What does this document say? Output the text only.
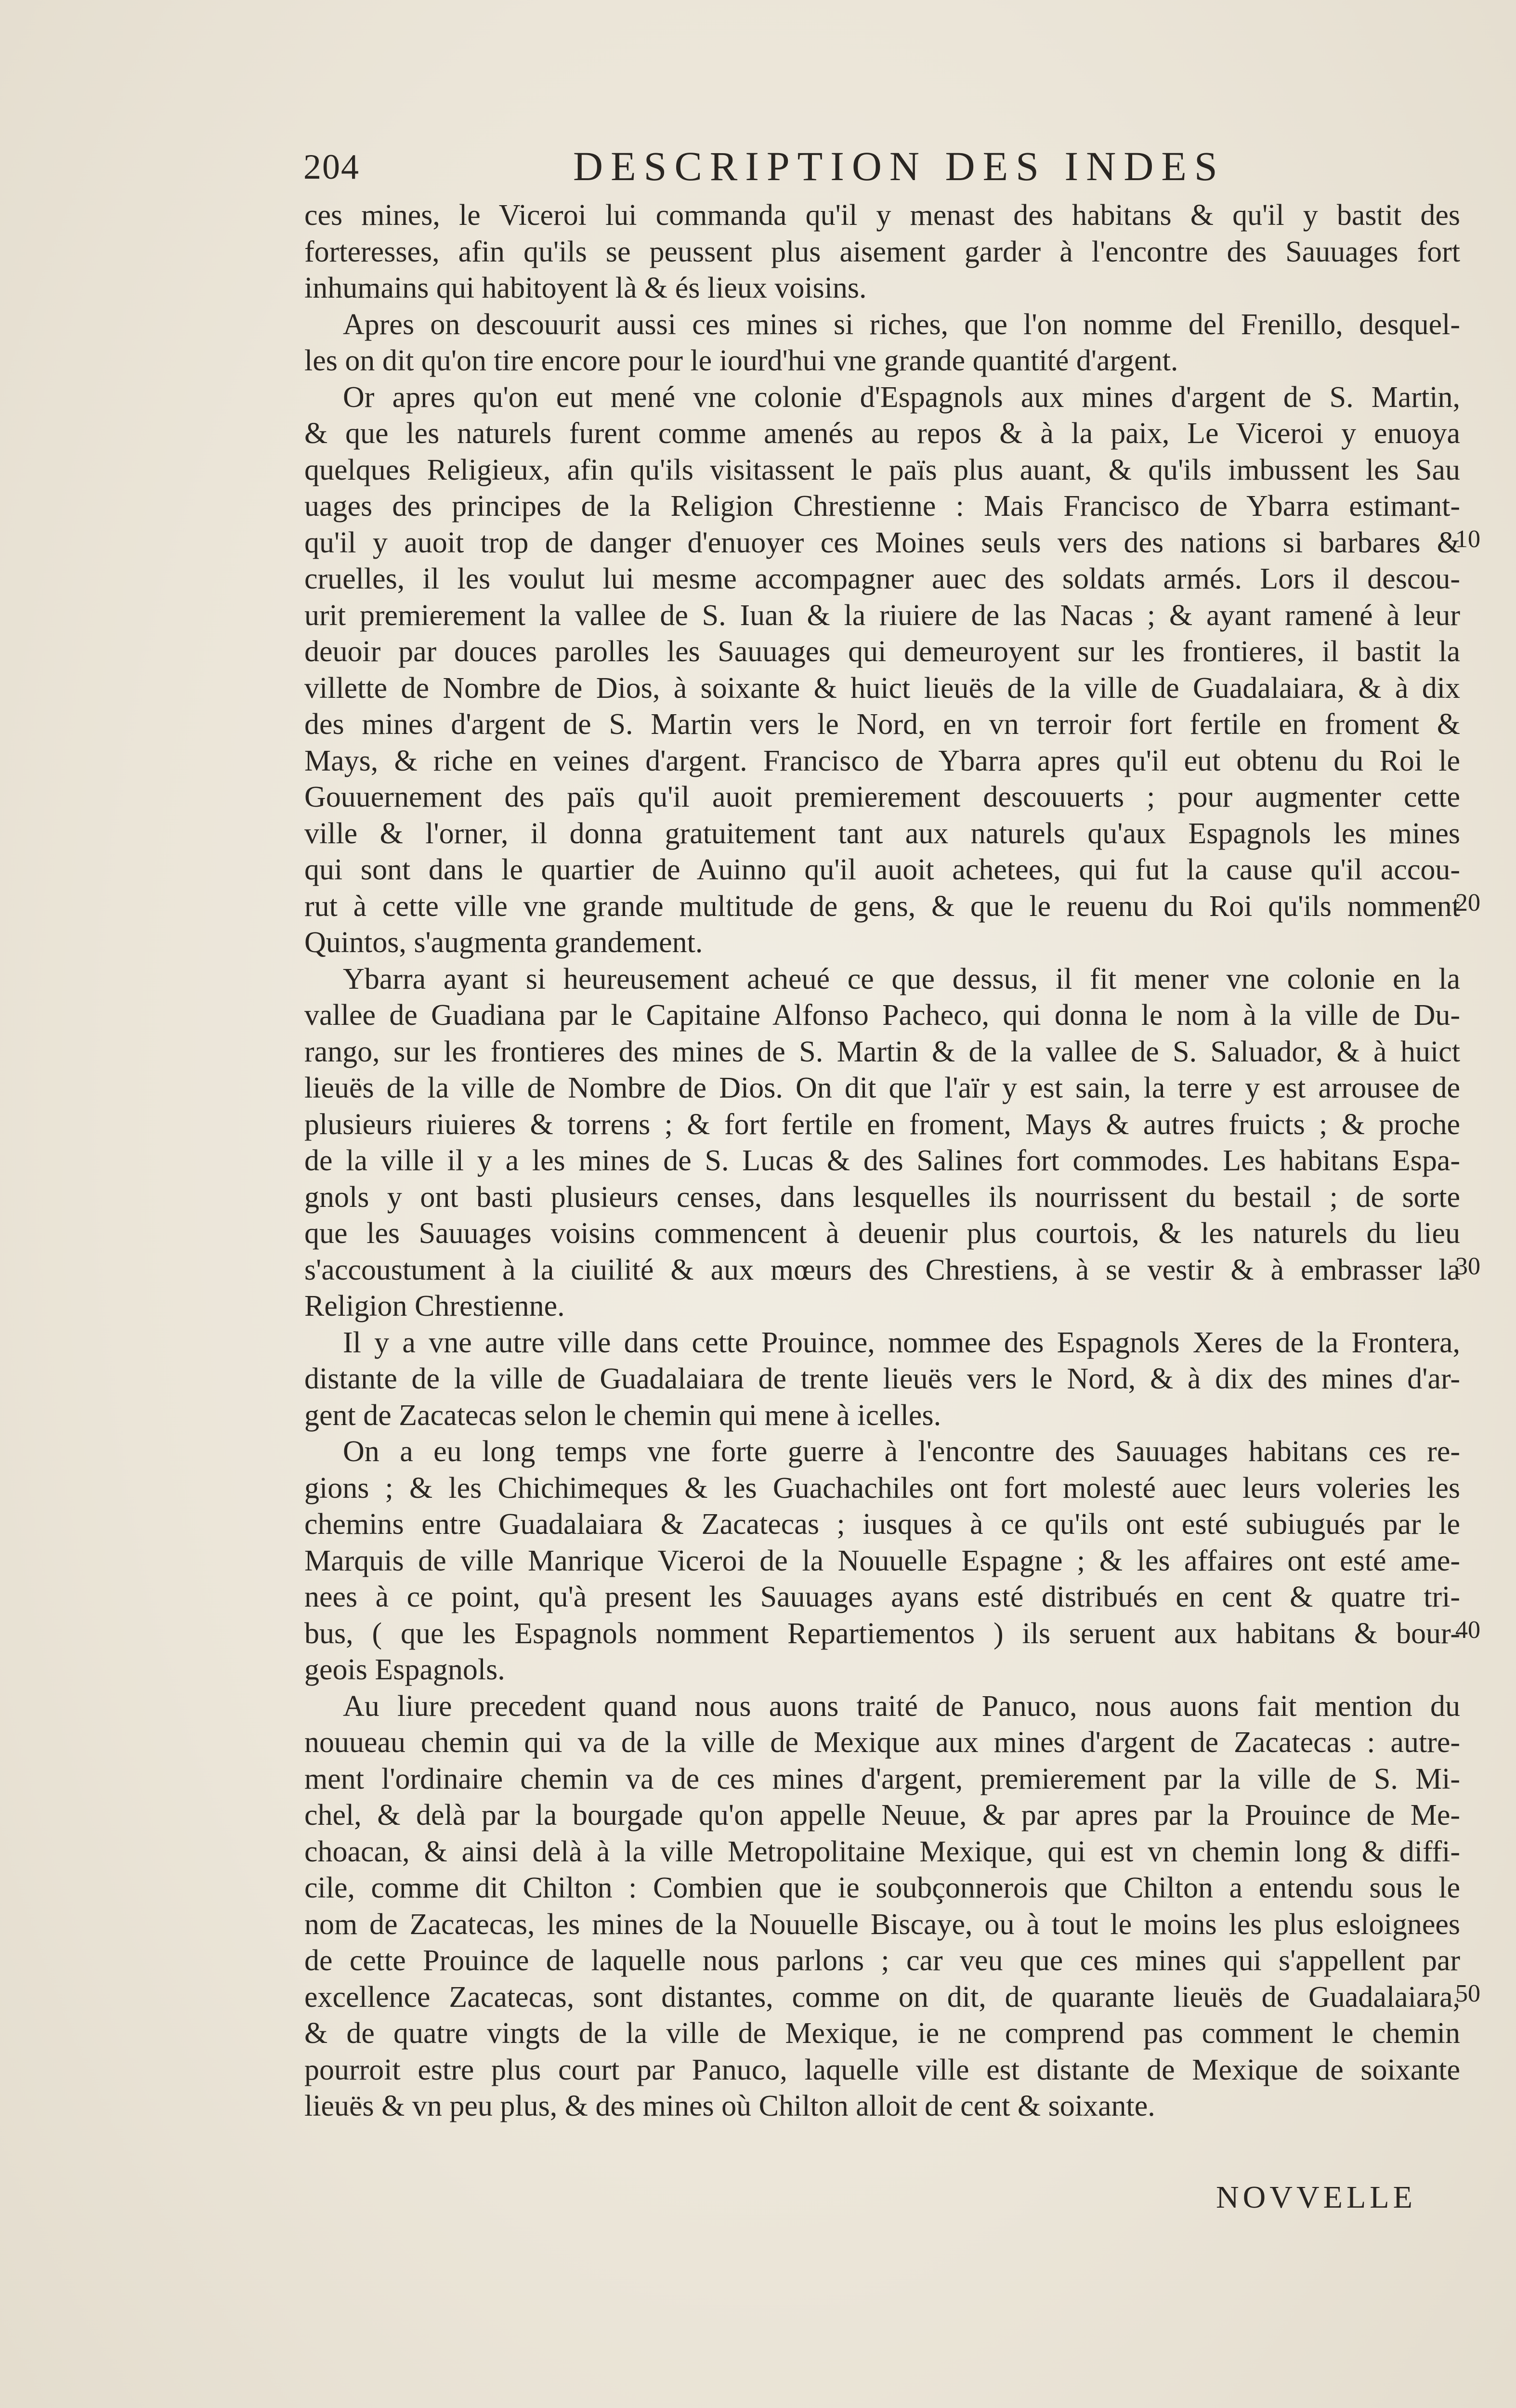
204	DESCRIPTION DES INDES
ces mines, le Viceroi lui commanda qu'il y menast des habitans & qu'il y bastit des
forteresses, afin qu'ils se peussent plus aisement garder à l'encontre des Sauuages fort
inhumains qui habitoyent là & és lieux voisins.
Apres on descouurit aussi ces mines si riches, que l'on nomme del Frenillo, desquel-
les on dit qu'on tire encore pour le iourd'hui vne grande quantité d'argent.
Or apres qu'on eut mené vne colonie d'Espagnols aux mines d'argent de S. Martin,
& que les naturels furent comme amenés au repos & à la paix, Le Viceroi y enuoya
quelques Religieux, afin qu'ils visitassent le païs plus auant, & qu'ils imbussent les Sau
uages des principes de la Religion Chrestienne : Mais Francisco de Ybarra estimant-
qu'il y auoit trop de danger d'enuoyer ces Moines seuls vers des nations si barbares &
cruelles, il les voulut lui mesme accompagner auec des soldats armés. Lors il descou-
urit premierement la vallee de S. Iuan & la riuiere de las Nacas ; & ayant ramené à leur
deuoir par douces parolles les Sauuages qui demeuroyent sur les frontieres, il bastit la
villette de Nombre de Dios, à soixante & huict lieuës de la ville de Guadalaiara, & à dix
des mines d'argent de S. Martin vers le Nord, en vn terroir fort fertile en froment &
Mays, & riche en veines d'argent. Francisco de Ybarra apres qu'il eut obtenu du Roi le
Gouuernement des païs qu'il auoit premierement descouuerts ; pour augmenter cette
ville & l'orner, il donna gratuitement tant aux naturels qu'aux Espagnols les mines
qui sont dans le quartier de Auinno qu'il auoit achetees, qui fut la cause qu'il accou-
rut à cette ville vne grande multitude de gens, & que le reuenu du Roi qu'ils nomment
Quintos, s'augmenta grandement.
Ybarra ayant si heureusement acheué ce que dessus, il fit mener vne colonie en la
vallee de Guadiana par le Capitaine Alfonso Pacheco, qui donna le nom à la ville de Du-
rango, sur les frontieres des mines de S. Martin & de la vallee de S. Saluador, & à huict
lieuës de la ville de Nombre de Dios. On dit que l'aïr y est sain, la terre y est arrousee de
plusieurs riuieres & torrens ; & fort fertile en froment, Mays & autres fruicts ; & proche
de la ville il y a les mines de S. Lucas & des Salines fort commodes. Les habitans Espa-
gnols y ont basti plusieurs censes, dans lesquelles ils nourrissent du bestail ; de sorte
que les Sauuages voisins commencent à deuenir plus courtois, & les naturels du lieu
s'accoustument à la ciuilité & aux mœurs des Chrestiens, à se vestir & à embrasser la
Religion Chrestienne.
Il y a vne autre ville dans cette Prouince, nommee des Espagnols Xeres de la Frontera,
distante de la ville de Guadalaiara de trente lieuës vers le Nord, & à dix des mines d'ar-
gent de Zacatecas selon le chemin qui mene à icelles.
On a eu long temps vne forte guerre à l'encontre des Sauuages habitans ces re-
gions ; & les Chichimeques & les Guachachiles ont fort molesté auec leurs voleries les
chemins entre Guadalaiara & Zacatecas ; iusques à ce qu'ils ont esté subiugués par le
Marquis de ville Manrique Viceroi de la Nouuelle Espagne ; & les affaires ont esté ame-
nees à ce point, qu'à present les Sauuages ayans esté distribués en cent & quatre tri-
bus, ( que les Espagnols nomment Repartiementos ) ils seruent aux habitans & bour-
geois Espagnols.
Au liure precedent quand nous auons traité de Panuco, nous auons fait mention du
nouueau chemin qui va de la ville de Mexique aux mines d'argent de Zacatecas : autre-
ment l'ordinaire chemin va de ces mines d'argent, premierement par la ville de S. Mi-
chel, & delà par la bourgade qu'on appelle Neuue, & par apres par la Prouince de Me-
choacan, & ainsi delà à la ville Metropolitaine Mexique, qui est vn chemin long & diffi-
cile, comme dit Chilton : Combien que ie soubçonnerois que Chilton a entendu sous le
nom de Zacatecas, les mines de la Nouuelle Biscaye, ou à tout le moins les plus esloignees
de cette Prouince de laquelle nous parlons ; car veu que ces mines qui s'appellent par
excellence Zacatecas, sont distantes, comme on dit, de quarante lieuës de Guadalaiara,
& de quatre vingts de la ville de Mexique, ie ne comprend pas comment le chemin
pourroit estre plus court par Panuco, laquelle ville est distante de Mexique de soixante
lieuës & vn peu plus, & des mines où Chilton alloit de cent & soixante.
10
20
30
40
50
NOVVELLE
